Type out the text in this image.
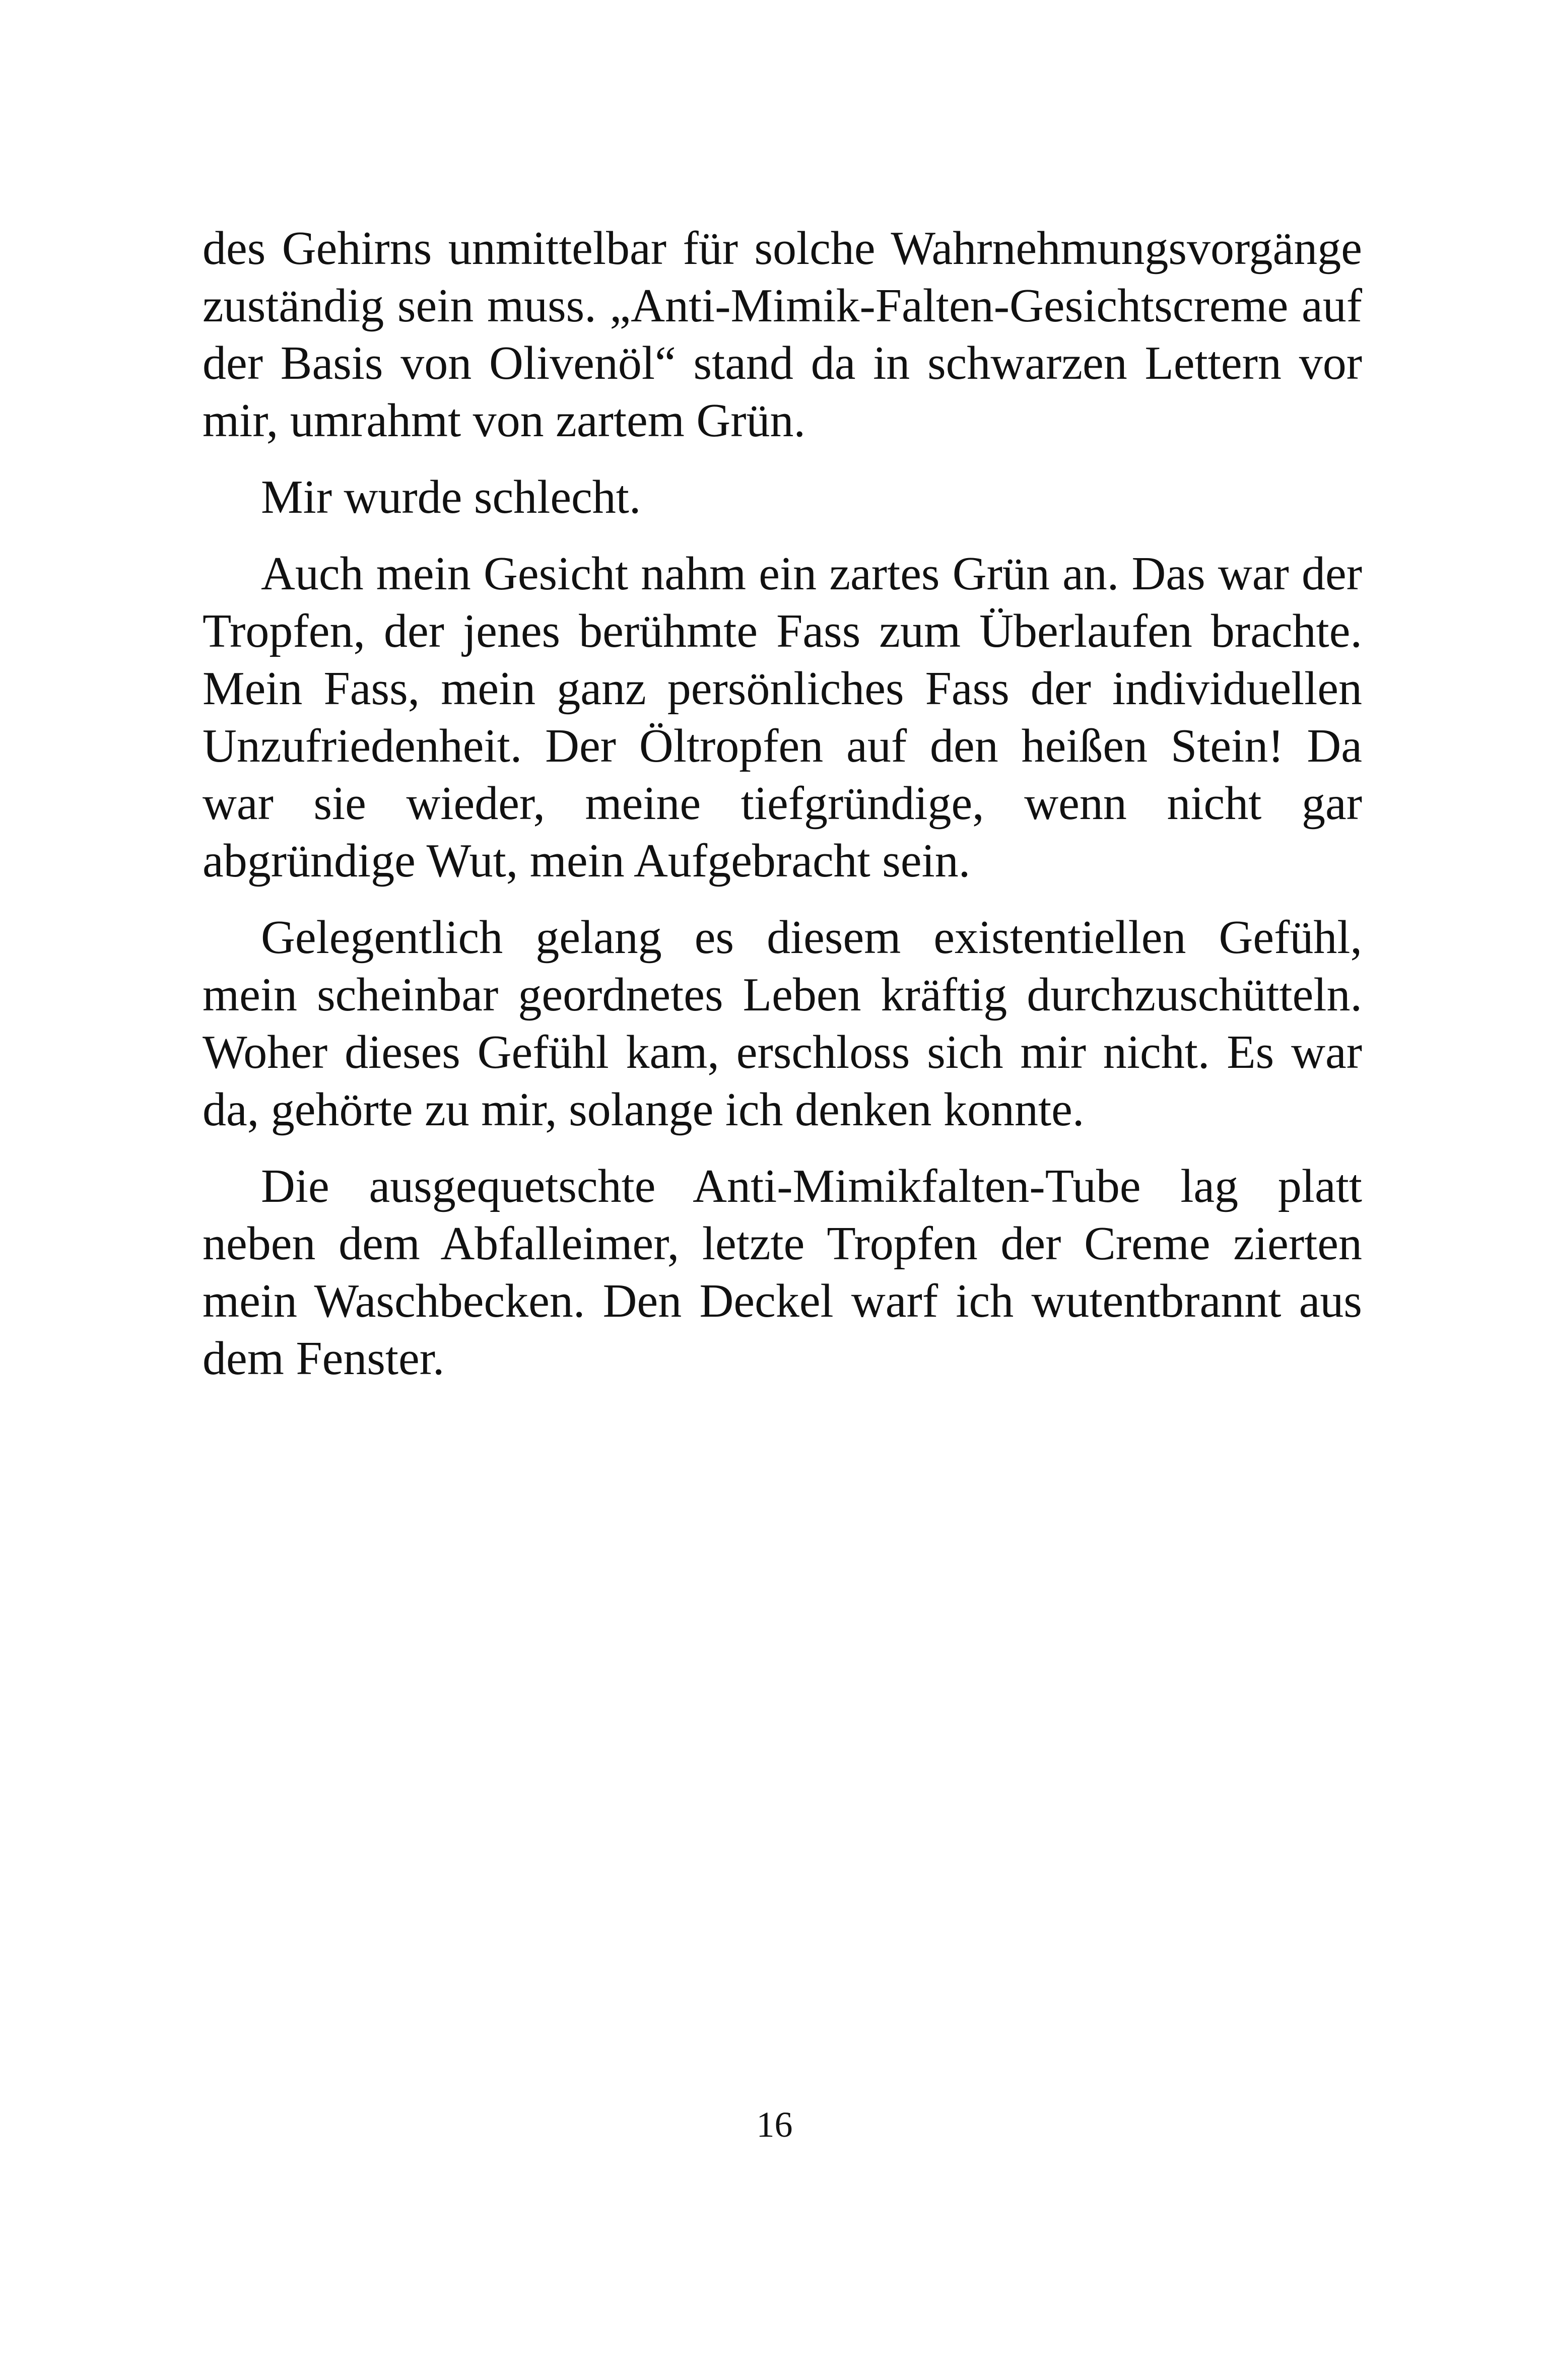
des Gehirns unmittelbar für solche Wahrnehmungsvorgänge zuständig sein muss. „Anti-Mimik-Falten-Gesichtscreme auf der Basis von Olivenöl“ stand da in schwarzen Lettern vor mir, umrahmt von zartem Grün.

Mir wurde schlecht.

Auch mein Gesicht nahm ein zartes Grün an. Das war der Tropfen, der jenes berühmte Fass zum Überlaufen brachte. Mein Fass, mein ganz persönliches Fass der individuellen Unzufriedenheit. Der Öltropfen auf den heißen Stein! Da war sie wieder, meine tiefgründige, wenn nicht gar abgründige Wut, mein Aufgebracht sein.

Gelegentlich gelang es diesem existentiellen Gefühl, mein scheinbar geordnetes Leben kräftig durchzuschütteln. Woher dieses Gefühl kam, erschloss sich mir nicht. Es war da, gehörte zu mir, solange ich denken konnte.

Die ausgequetschte Anti-Mimikfalten-Tube lag platt neben dem Abfalleimer, letzte Tropfen der Creme zierten mein Waschbecken. Den Deckel warf ich wutentbrannt aus dem Fenster.

16
